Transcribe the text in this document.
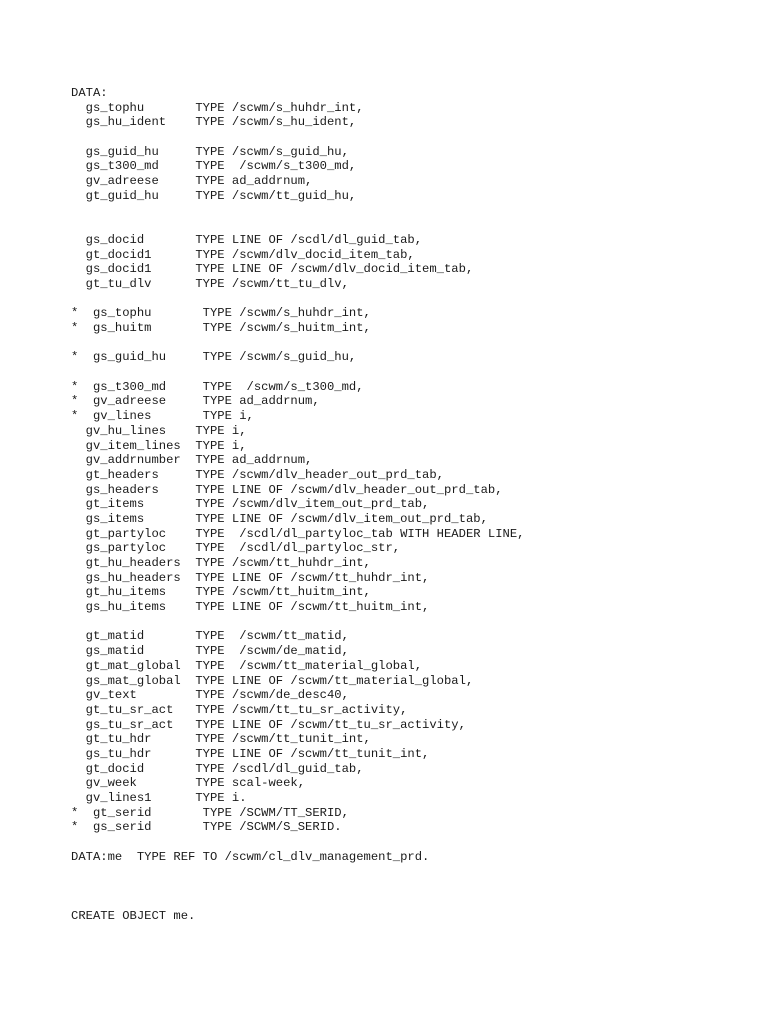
DATA:
gs_tophu       TYPE /scwm/s_huhdr_int,
gs_hu_ident    TYPE /scwm/s_hu_ident,
gs_guid_hu     TYPE /scwm/s_guid_hu,
gs_t300_md     TYPE  /scwm/s_t300_md,
gv_adreese     TYPE ad_addrnum,
gt_guid_hu     TYPE /scwm/tt_guid_hu,
gs_docid       TYPE LINE OF /scdl/dl_guid_tab,
gt_docid1      TYPE /scwm/dlv_docid_item_tab,
gs_docid1      TYPE LINE OF /scwm/dlv_docid_item_tab,
gt_tu_dlv      TYPE /scwm/tt_tu_dlv,
*  gs_tophu       TYPE /scwm/s_huhdr_int,
*  gs_huitm       TYPE /scwm/s_huitm_int,
*  gs_guid_hu     TYPE /scwm/s_guid_hu,
*  gs_t300_md     TYPE  /scwm/s_t300_md,
*  gv_adreese     TYPE ad_addrnum,
*  gv_lines       TYPE i,
gv_hu_lines    TYPE i,
gv_item_lines  TYPE i,
gv_addrnumber  TYPE ad_addrnum,
gt_headers     TYPE /scwm/dlv_header_out_prd_tab,
gs_headers     TYPE LINE OF /scwm/dlv_header_out_prd_tab,
gt_items       TYPE /scwm/dlv_item_out_prd_tab,
gs_items       TYPE LINE OF /scwm/dlv_item_out_prd_tab,
gt_partyloc    TYPE  /scdl/dl_partyloc_tab WITH HEADER LINE,
gs_partyloc    TYPE  /scdl/dl_partyloc_str,
gt_hu_headers  TYPE /scwm/tt_huhdr_int,
gs_hu_headers  TYPE LINE OF /scwm/tt_huhdr_int,
gt_hu_items    TYPE /scwm/tt_huitm_int,
gs_hu_items    TYPE LINE OF /scwm/tt_huitm_int,
gt_matid       TYPE  /scwm/tt_matid,
gs_matid       TYPE  /scwm/de_matid,
gt_mat_global  TYPE  /scwm/tt_material_global,
gs_mat_global  TYPE LINE OF /scwm/tt_material_global,
gv_text        TYPE /scwm/de_desc40,
gt_tu_sr_act   TYPE /scwm/tt_tu_sr_activity,
gs_tu_sr_act   TYPE LINE OF /scwm/tt_tu_sr_activity,
gt_tu_hdr      TYPE /scwm/tt_tunit_int,
gs_tu_hdr      TYPE LINE OF /scwm/tt_tunit_int,
gt_docid       TYPE /scdl/dl_guid_tab,
gv_week        TYPE scal-week,
gv_lines1      TYPE i.
*  gt_serid       TYPE /SCWM/TT_SERID,
*  gs_serid       TYPE /SCWM/S_SERID.
DATA:me  TYPE REF TO /scwm/cl_dlv_management_prd.
CREATE OBJECT me.
